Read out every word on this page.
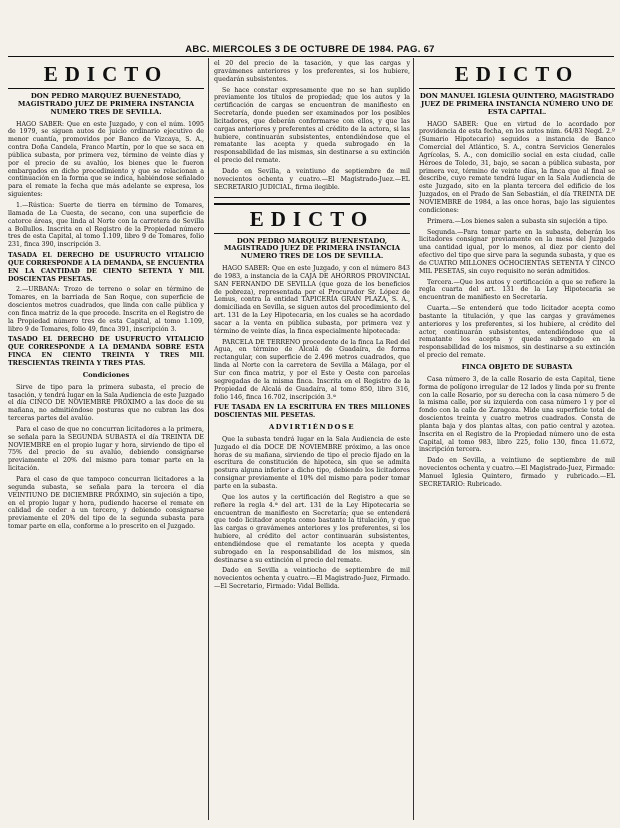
ABC. MIERCOLES 3 DE OCTUBRE DE 1984. PAG. 67
EDICTO
DON PEDRO MARQUEZ BUENESTADO, MAGISTRADO JUEZ DE PRIMERA INSTANCIA NUMERO TRES DE SEVILLA.

HAGO SABER: Que en este Juzgado, y con el núm. 1095 de 1979, se siguen autos de juicio ordinario ejecutivo de menor cuantía, promovidos por Banco de Vizcaya, S. A., contra Doña Candela, Franco Martín, por lo que se saca en pública subasta, por primera vez, término de veinte días y por el precio de su avalúo, los bienes que le fueron embargados en dicho procedimiento y que se relacionan a continuación en la forma que se indica, habiéndose señalado para el remate la fecha que más adelante se expresa, los siguientes:

1.—Rústica: Suerte de tierra en término de Tomares, llamada de La Cuesta, de secano, con una superficie de catorce áreas, que linda al Norte con la carretera de Sevilla a Bollullos. Inscrita en el Registro de la Propiedad número tres de esta Capital, al tomo 1.109, libro 9 de Tomares, folio 231, finca 390, inscripción 3.

TASADA EL DERECHO DE USUFRUCTO VITALICIO QUE CORRESPONDE A LA DEMANDA, SE ENCUENTRA EN LA CANTIDAD DE CIENTO SETENTA Y MIL DOSCIENTAS PESETAS.

2.—URBANA: Trozo de terreno o solar en término de Tomares, en la barriada de San Roque, con superficie de doscientos metros cuadrados, que linda con calle pública y con finca matriz de la que procede. Inscrita en el Registro de la Propiedad número tres de esta Capital, al tomo 1.109, libro 9 de Tomares, folio 49, finca 391, inscripción 3.

TASADO EL DERECHO DE USUFRUCTO VITALICIO QUE CORRESPONDE A LA DEMANDA SOBRE ESTA FINCA EN CIENTO TREINTA Y TRES MIL TRESCIENTAS TREINTA Y TRES PTAS.

Condiciones

Sirve de tipo para la primera subasta, el precio de tasación, y tendrá lugar en la Sala Audiencia de este Juzgado el día CINCO DE NOVIEMBRE PRÓXIMO a las doce de su mañana, no admitiéndose posturas que no cubran las dos terceras partes del avalúo.

Para el caso de que no concurran licitadores a la primera, se señala para la SEGUNDA SUBASTA el día TREINTA DE NOVIEMBRE en el propio lugar y hora, sirviendo de tipo el 75% del precio de su avalúo, debiendo consignarse previamente el 20% del mismo para tomar parte en la licitación.

Para el caso de que tampoco concurran licitadores a la segunda subasta, se señala para la tercera el día VEINTIUNO DE DICIEMBRE PRÓXIMO, sin sujeción a tipo, en el propio lugar y hora, pudiendo hacerse el remate en calidad de ceder a un tercero, y debiendo consignarse previamente el 20% del tipo de la segunda subasta para tomar parte en ella, conforme a lo prescrito en el Juzgado.

el 20 del precio de la tasación, y que las cargas y gravámenes anteriores y los preferentes, si los hubiere, quedarán subsistentes.

Se hace constar expresamente que no se han suplido previamente los títulos de propiedad; que los autos y la certificación de cargas se encuentran de manifiesto en Secretaría, donde pueden ser examinados por los posibles licitadores, que deberán conformarse con ellos, y que las cargas anteriores y preferentes al crédito de la actora, si las hubiere, continuarán subsistentes, entendiéndose que el rematante las acepta y queda subrogado en la responsabilidad de las mismas, sin destinarse a su extinción el precio del remate.

Dado en Sevilla, a veintiuno de septiembre de mil novecientos ochenta y cuatro.—El Magistrado-Juez.—EL SECRETARIO JUDICIAL, firma ilegible.

EDICTO
DON PEDRO MARQUEZ BUENESTADO, MAGISTRADO JUEZ DE PRIMERA INSTANCIA NUMERO TRES DE LOS DE SEVILLA.

HAGO SABER: Que en este Juzgado, y con el número 843 de 1983, a instancia de la CAJA DE AHORROS PROVINCIAL SAN FERNANDO DE SEVILLA (que goza de los beneficios de pobreza), representada por el Procurador Sr. López de Lemus, contra la entidad TAPICERÍA GRAN PLAZA, S. A., domiciliada en Sevilla, se siguen autos del procedimiento del art. 131 de la Ley Hipotecaria, en los cuales se ha acordado sacar a la venta en pública subasta, por primera vez y término de veinte días, la finca especialmente hipotecada:

PARCELA DE TERRENO procedente de la finca La Red del Agua, en término de Alcalá de Guadaíra, de forma rectangular, con superficie de 2.496 metros cuadrados, que linda al Norte con la carretera de Sevilla a Málaga, por el Sur con finca matriz, y por el Este y Oeste con parcelas segregadas de la misma finca. Inscrita en el Registro de la Propiedad de Alcalá de Guadaíra, al tomo 850, libro 316, folio 146, finca 16.702, inscripción 3.ª

FUE TASADA EN LA ESCRITURA EN TRES MILLONES DOSCIENTAS MIL PESETAS.

ADVIRTIÉNDOSE

Que la subasta tendrá lugar en la Sala Audiencia de este Juzgado el día DOCE DE NOVIEMBRE próximo, a las once horas de su mañana, sirviendo de tipo el precio fijado en la escritura de constitución de hipoteca, sin que se admita postura alguna inferior a dicho tipo, debiendo los licitadores consignar previamente el 10% del mismo para poder tomar parte en la subasta.

Que los autos y la certificación del Registro a que se refiere la regla 4.ª del art. 131 de la Ley Hipotecaria se encuentran de manifiesto en Secretaría; que se entenderá que todo licitador acepta como bastante la titulación, y que las cargas o gravámenes anteriores y los preferentes, si los hubiere, al crédito del actor continuarán subsistentes, entendiéndose que el rematante los acepta y queda subrogado en la responsabilidad de los mismos, sin destinarse a su extinción el precio del remate.

Dado en Sevilla a veintiocho de septiembre de mil novecientos ochenta y cuatro.—El Magistrado-Juez, Firmado.—El Secretario, Firmado: Vidal Bellida.

EDICTO
DON MANUEL IGLESIA QUINTERO, MAGISTRADO JUEZ DE PRIMERA INSTANCIA NÚMERO UNO DE ESTA CAPITAL.

HAGO SABER: Que en virtud de lo acordado por providencia de esta fecha, en los autos núm. 64/83 Negd. 2.º (Sumario Hipotecario) seguidos a instancia de Banco Comercial del Atlántico, S. A., contra Servicios Generales Agrícolas, S. A., con domicilio social en esta ciudad, calle Héroes de Toledo, 31, bajo, se sacan a pública subasta, por primera vez, término de veinte días, la finca que al final se describe, cuyo remate tendrá lugar en la Sala Audiencia de este Juzgado, sito en la planta tercera del edificio de los Juzgados, en el Prado de San Sebastián, el día TREINTA DE NOVIEMBRE de 1984, a las once horas, bajo las siguientes condiciones:

Primera.—Los bienes salen a subasta sin sujeción a tipo.

Segunda.—Para tomar parte en la subasta, deberán los licitadores consignar previamente en la mesa del Juzgado una cantidad igual, por lo menos, al diez por ciento del efectivo del tipo que sirve para la segunda subasta, y que es de CUATRO MILLONES OCHOCIENTAS SETENTA Y CINCO MIL PESETAS, sin cuyo requisito no serán admitidos.

Tercera.—Que los autos y certificación a que se refiere la regla cuarta del art. 131 de la Ley Hipotecaria se encuentran de manifiesto en Secretaría.

Cuarta.—Se entenderá que todo licitador acepta como bastante la titulación, y que las cargas y gravámenes anteriores y los preferentes, si los hubiere, al crédito del actor, continuarán subsistentes, entendiéndose que el rematante los acepta y queda subrogado en la responsabilidad de los mismos, sin destinarse a su extinción el precio del remate.

FINCA OBJETO DE SUBASTA

Casa número 3, de la calle Rosario de esta Capital, tiene forma de polígono irregular de 12 lados y linda por su frente con la calle Rosario, por su derecha con la casa número 5 de la misma calle, por su izquierda con casa número 1 y por el fondo con la calle de Zaragoza. Mide una superficie total de doscientos treinta y cuatro metros cuadrados. Consta de planta baja y dos plantas altas, con patio central y azotea. Inscrita en el Registro de la Propiedad número uno de esta Capital, al tomo 983, libro 225, folio 130, finca 11.672, inscripción tercera.

Dado en Sevilla, a veintiuno de septiembre de mil novecientos ochenta y cuatro.—El Magistrado-Juez, Firmado: Manuel Iglesia Quintero, firmado y rubricado.—EL SECRETARIO: Rubricado.
